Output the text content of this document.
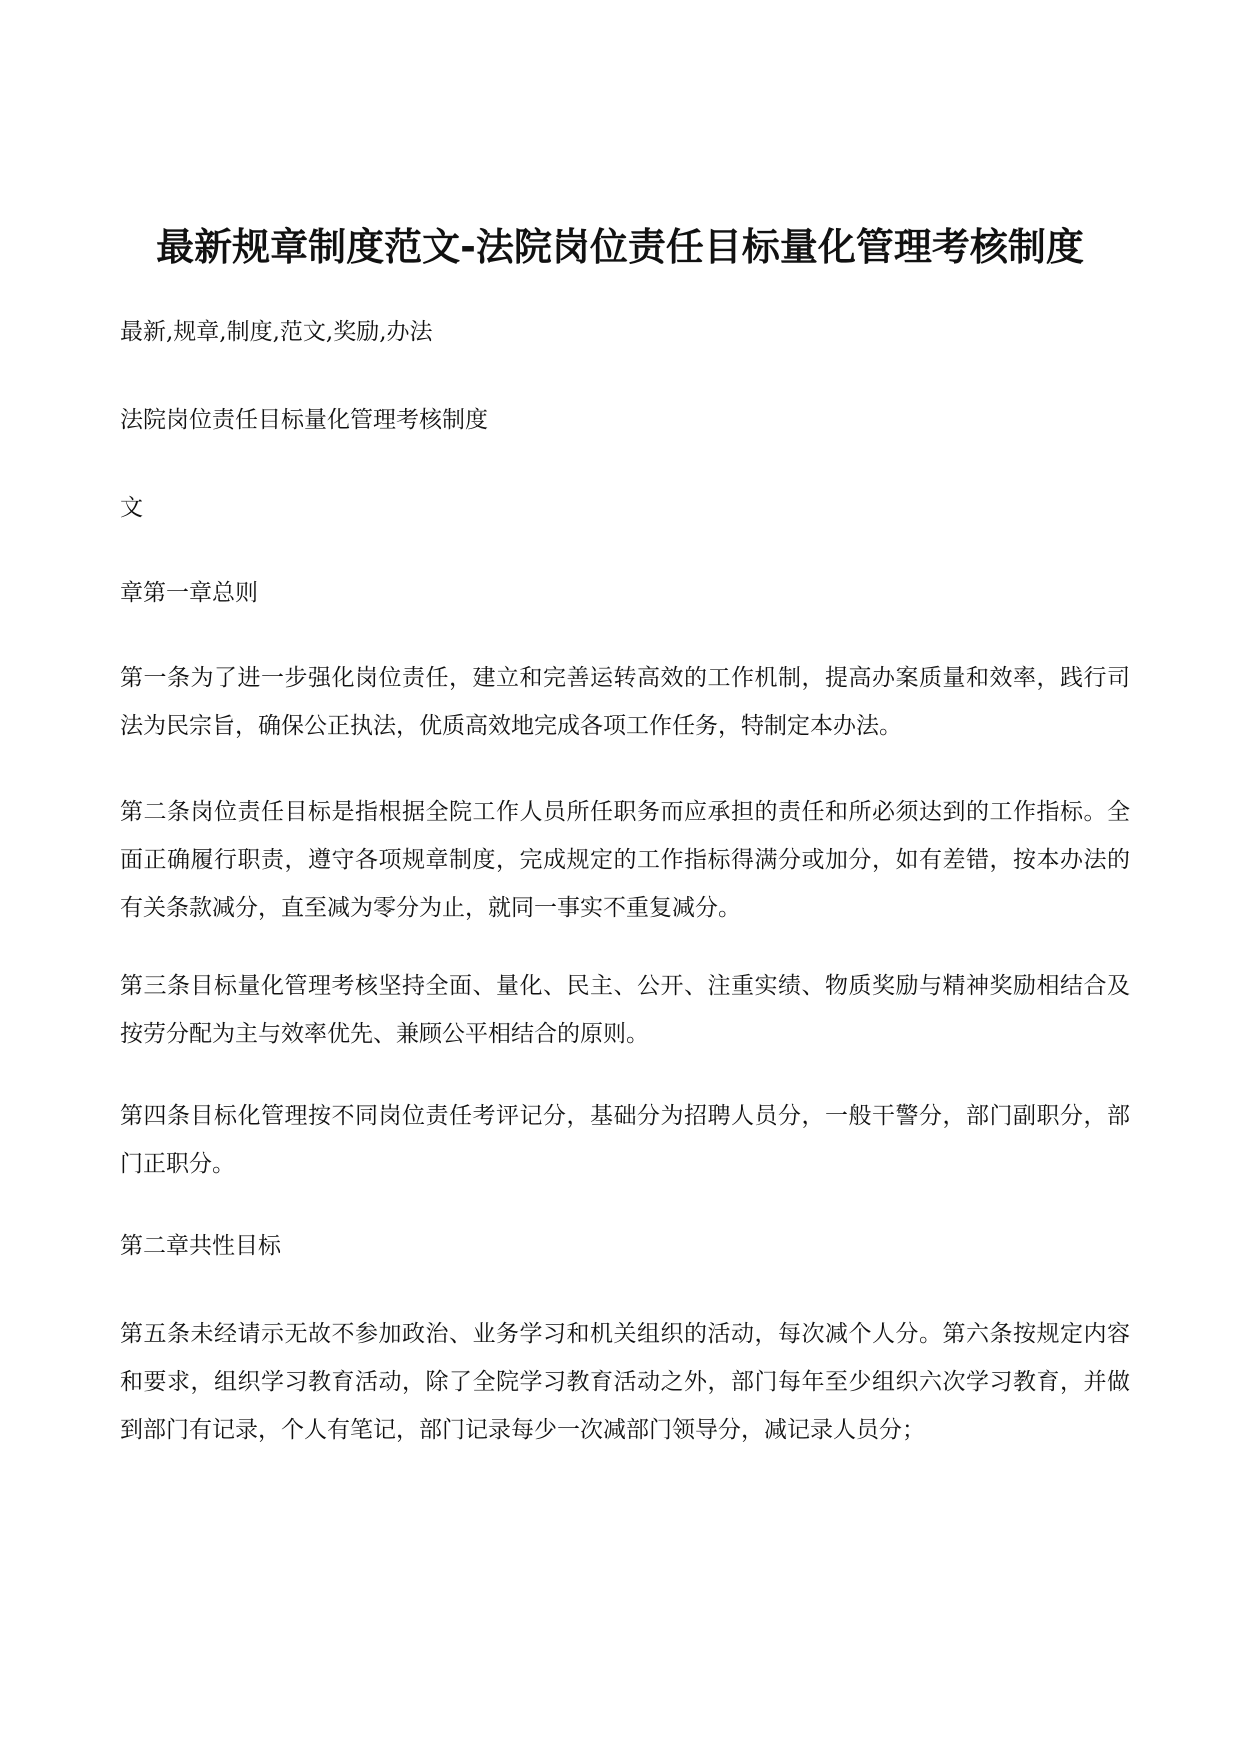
最新规章制度范文-法院岗位责任目标量化管理考核制度

最新,规章,制度,范文,奖励,办法

法院岗位责任目标量化管理考核制度

文

章第一章总则

第一条为了进一步强化岗位责任，建立和完善运转高效的工作机制，提高办案质量和效率，践行司法为民宗旨，确保公正执法，优质高效地完成各项工作任务，特制定本办法。

第二条岗位责任目标是指根据全院工作人员所任职务而应承担的责任和所必须达到的工作指标。全面正确履行职责，遵守各项规章制度，完成规定的工作指标得满分或加分，如有差错，按本办法的有关条款减分，直至减为零分为止，就同一事实不重复减分。

第三条目标量化管理考核坚持全面、量化、民主、公开、注重实绩、物质奖励与精神奖励相结合及按劳分配为主与效率优先、兼顾公平相结合的原则。

第四条目标化管理按不同岗位责任考评记分，基础分为招聘人员分，一般干警分，部门副职分，部门正职分。

第二章共性目标

第五条未经请示无故不参加政治、业务学习和机关组织的活动，每次减个人分。第六条按规定内容和要求，组织学习教育活动，除了全院学习教育活动之外，部门每年至少组织六次学习教育，并做到部门有记录，个人有笔记，部门记录每少一次减部门领导分，减记录人员分；
